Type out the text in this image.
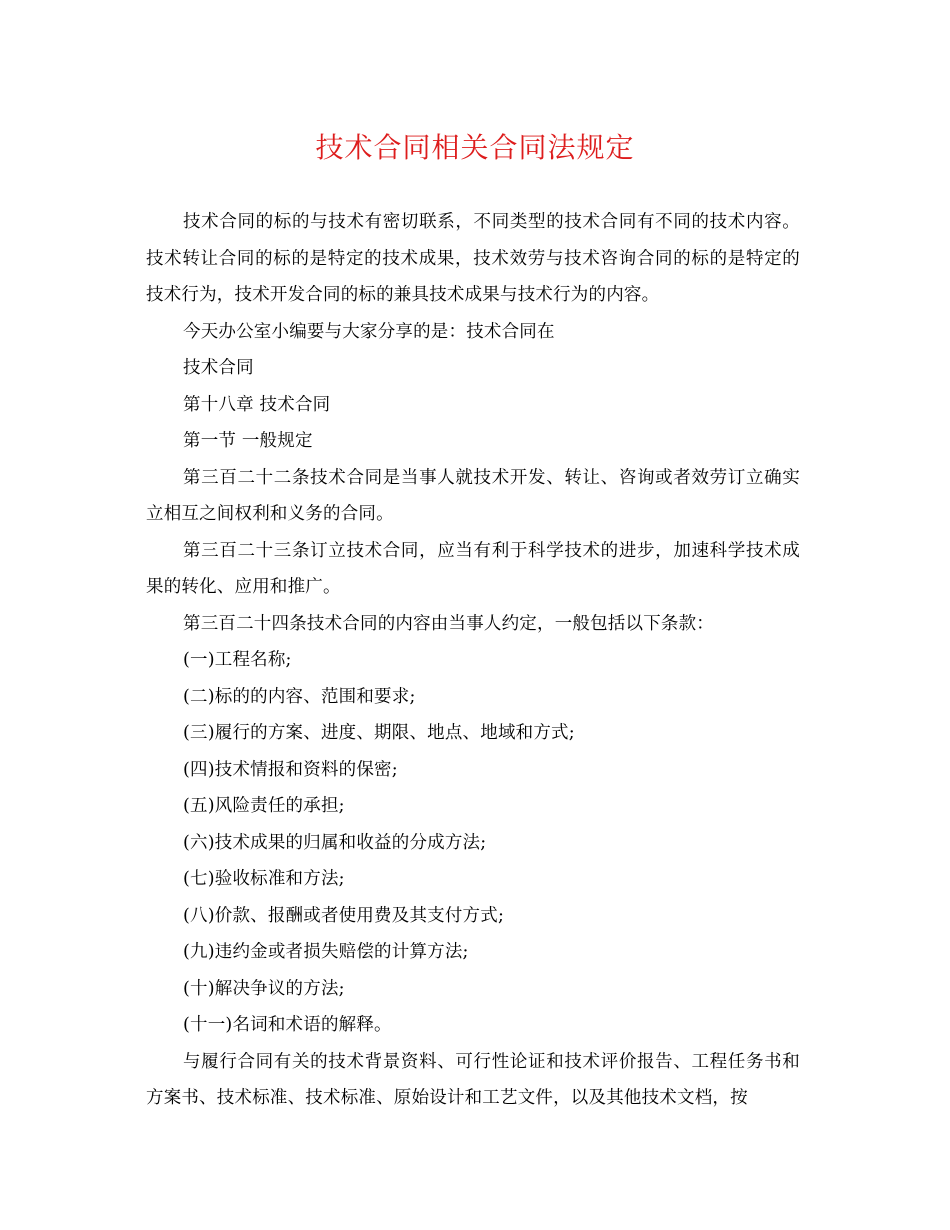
技术合同相关合同法规定

技术合同的标的与技术有密切联系，不同类型的技术合同有不同的技术内容。技术转让合同的标的是特定的技术成果，技术效劳与技术咨询合同的标的是特定的技术行为，技术开发合同的标的兼具技术成果与技术行为的内容。

今天办公室小编要与大家分享的是：技术合同在

技术合同

第十八章 技术合同

第一节 一般规定

第三百二十二条技术合同是当事人就技术开发、转让、咨询或者效劳订立确实立相互之间权利和义务的合同。

第三百二十三条订立技术合同，应当有利于科学技术的进步，加速科学技术成果的转化、应用和推广。

第三百二十四条技术合同的内容由当事人约定，一般包括以下条款：

(一)工程名称;

(二)标的的内容、范围和要求;

(三)履行的方案、进度、期限、地点、地域和方式;

(四)技术情报和资料的保密;

(五)风险责任的承担;

(六)技术成果的归属和收益的分成方法;

(七)验收标准和方法;

(八)价款、报酬或者使用费及其支付方式;

(九)违约金或者损失赔偿的计算方法;

(十)解决争议的方法;

(十一)名词和术语的解释。

与履行合同有关的技术背景资料、可行性论证和技术评价报告、工程任务书和方案书、技术标准、技术标准、原始设计和工艺文件，以及其他技术文档，按
